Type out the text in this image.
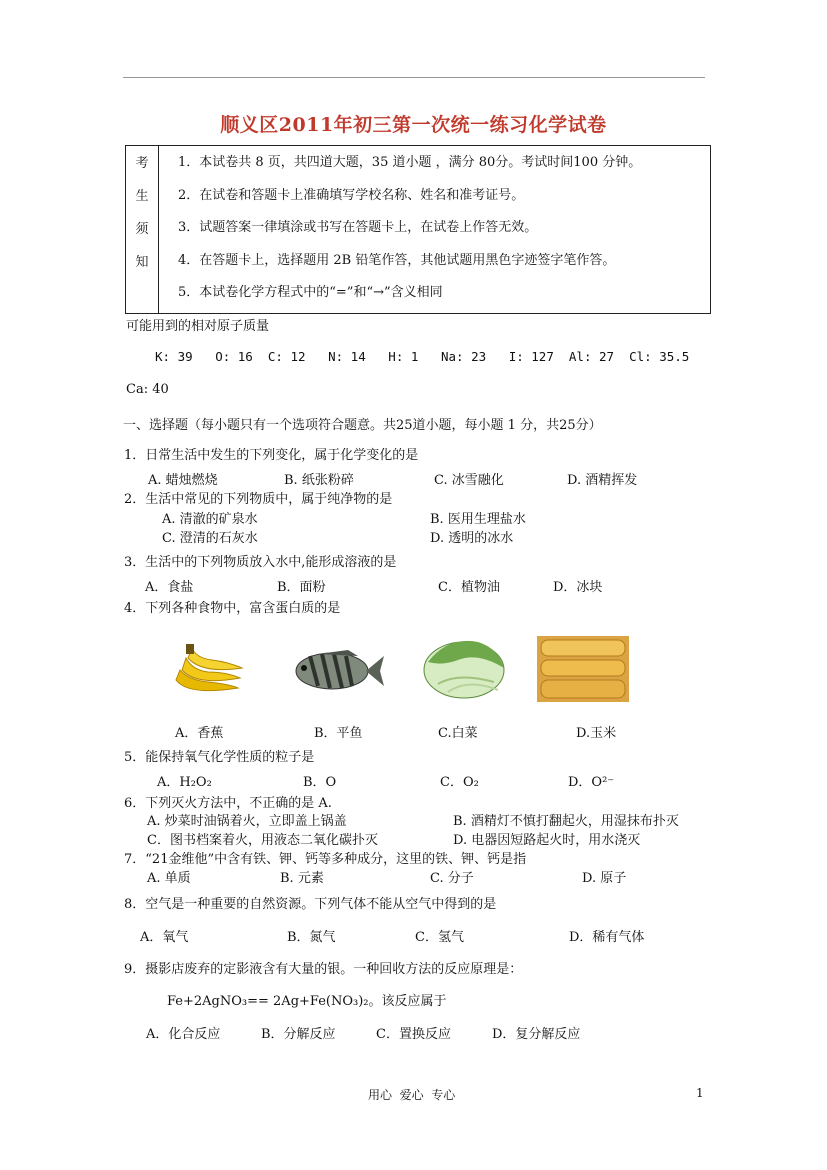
顺义区2011年初三第一次统一练习化学试卷
考
生
须
知

1．本试卷共 8 页，共四道大题，35 道小题 ，满分 80分。考试时间100 分钟。
2．在试卷和答题卡上准确填写学校名称、姓名和准考证号。
3．试题答案一律填涂或书写在答题卡上，在试卷上作答无效。
4．在答题卡上，选择题用 2B 铅笔作答，其他试题用黑色字迹签字笔作答。
5．本试卷化学方程式中的“=”和“→”含义相同
可能用到的相对原子质量
K: 39   O: 16  C: 12   N: 14   H: 1   Na: 23   I: 127  Al: 27  Cl: 35.5
Ca: 40
一、选择题（每小题只有一个选项符合题意。共25道小题，每小题 1 分，共25分）
1．日常生活中发生的下列变化，属于化学变化的是
A. 蜡烛燃烧	B. 纸张粉碎	C. 冰雪融化	D. 酒精挥发
2．生活中常见的下列物质中，属于纯净物的是
A. 清澈的矿泉水	B. 医用生理盐水
C. 澄清的石灰水	D. 透明的冰水
3．生活中的下列物质放入水中,能形成溶液的是
A．食盐	B．面粉	C．植物油	D．冰块
4．下列各种食物中，富含蛋白质的是
A．香蕉	B．平鱼	C.白菜	D.玉米
5．能保持氧气化学性质的粒子是
A．H₂O₂	B．O	C．O₂	D．O²⁻
6．下列灭火方法中，不正确的是 A.
A. 炒菜时油锅着火，立即盖上锅盖	B. 酒精灯不慎打翻起火，用湿抹布扑灭
C．图书档案着火，用液态二氧化碳扑灭	D. 电器因短路起火时，用水浇灭
7．“21金维他”中含有铁、钾、钙等多种成分，这里的铁、钾、钙是指
A. 单质	B. 元素	C. 分子	D. 原子
8．空气是一种重要的自然资源。下列气体不能从空气中得到的是
A．氧气	B．氮气	C．氢气	D．稀有气体
9．摄影店废弃的定影液含有大量的银。一种回收方法的反应原理是：
Fe+2AgNO₃== 2Ag+Fe(NO₃)₂。该反应属于
A．化合反应	B．分解反应	C．置换反应	D．复分解反应
用心  爱心  专心	1
